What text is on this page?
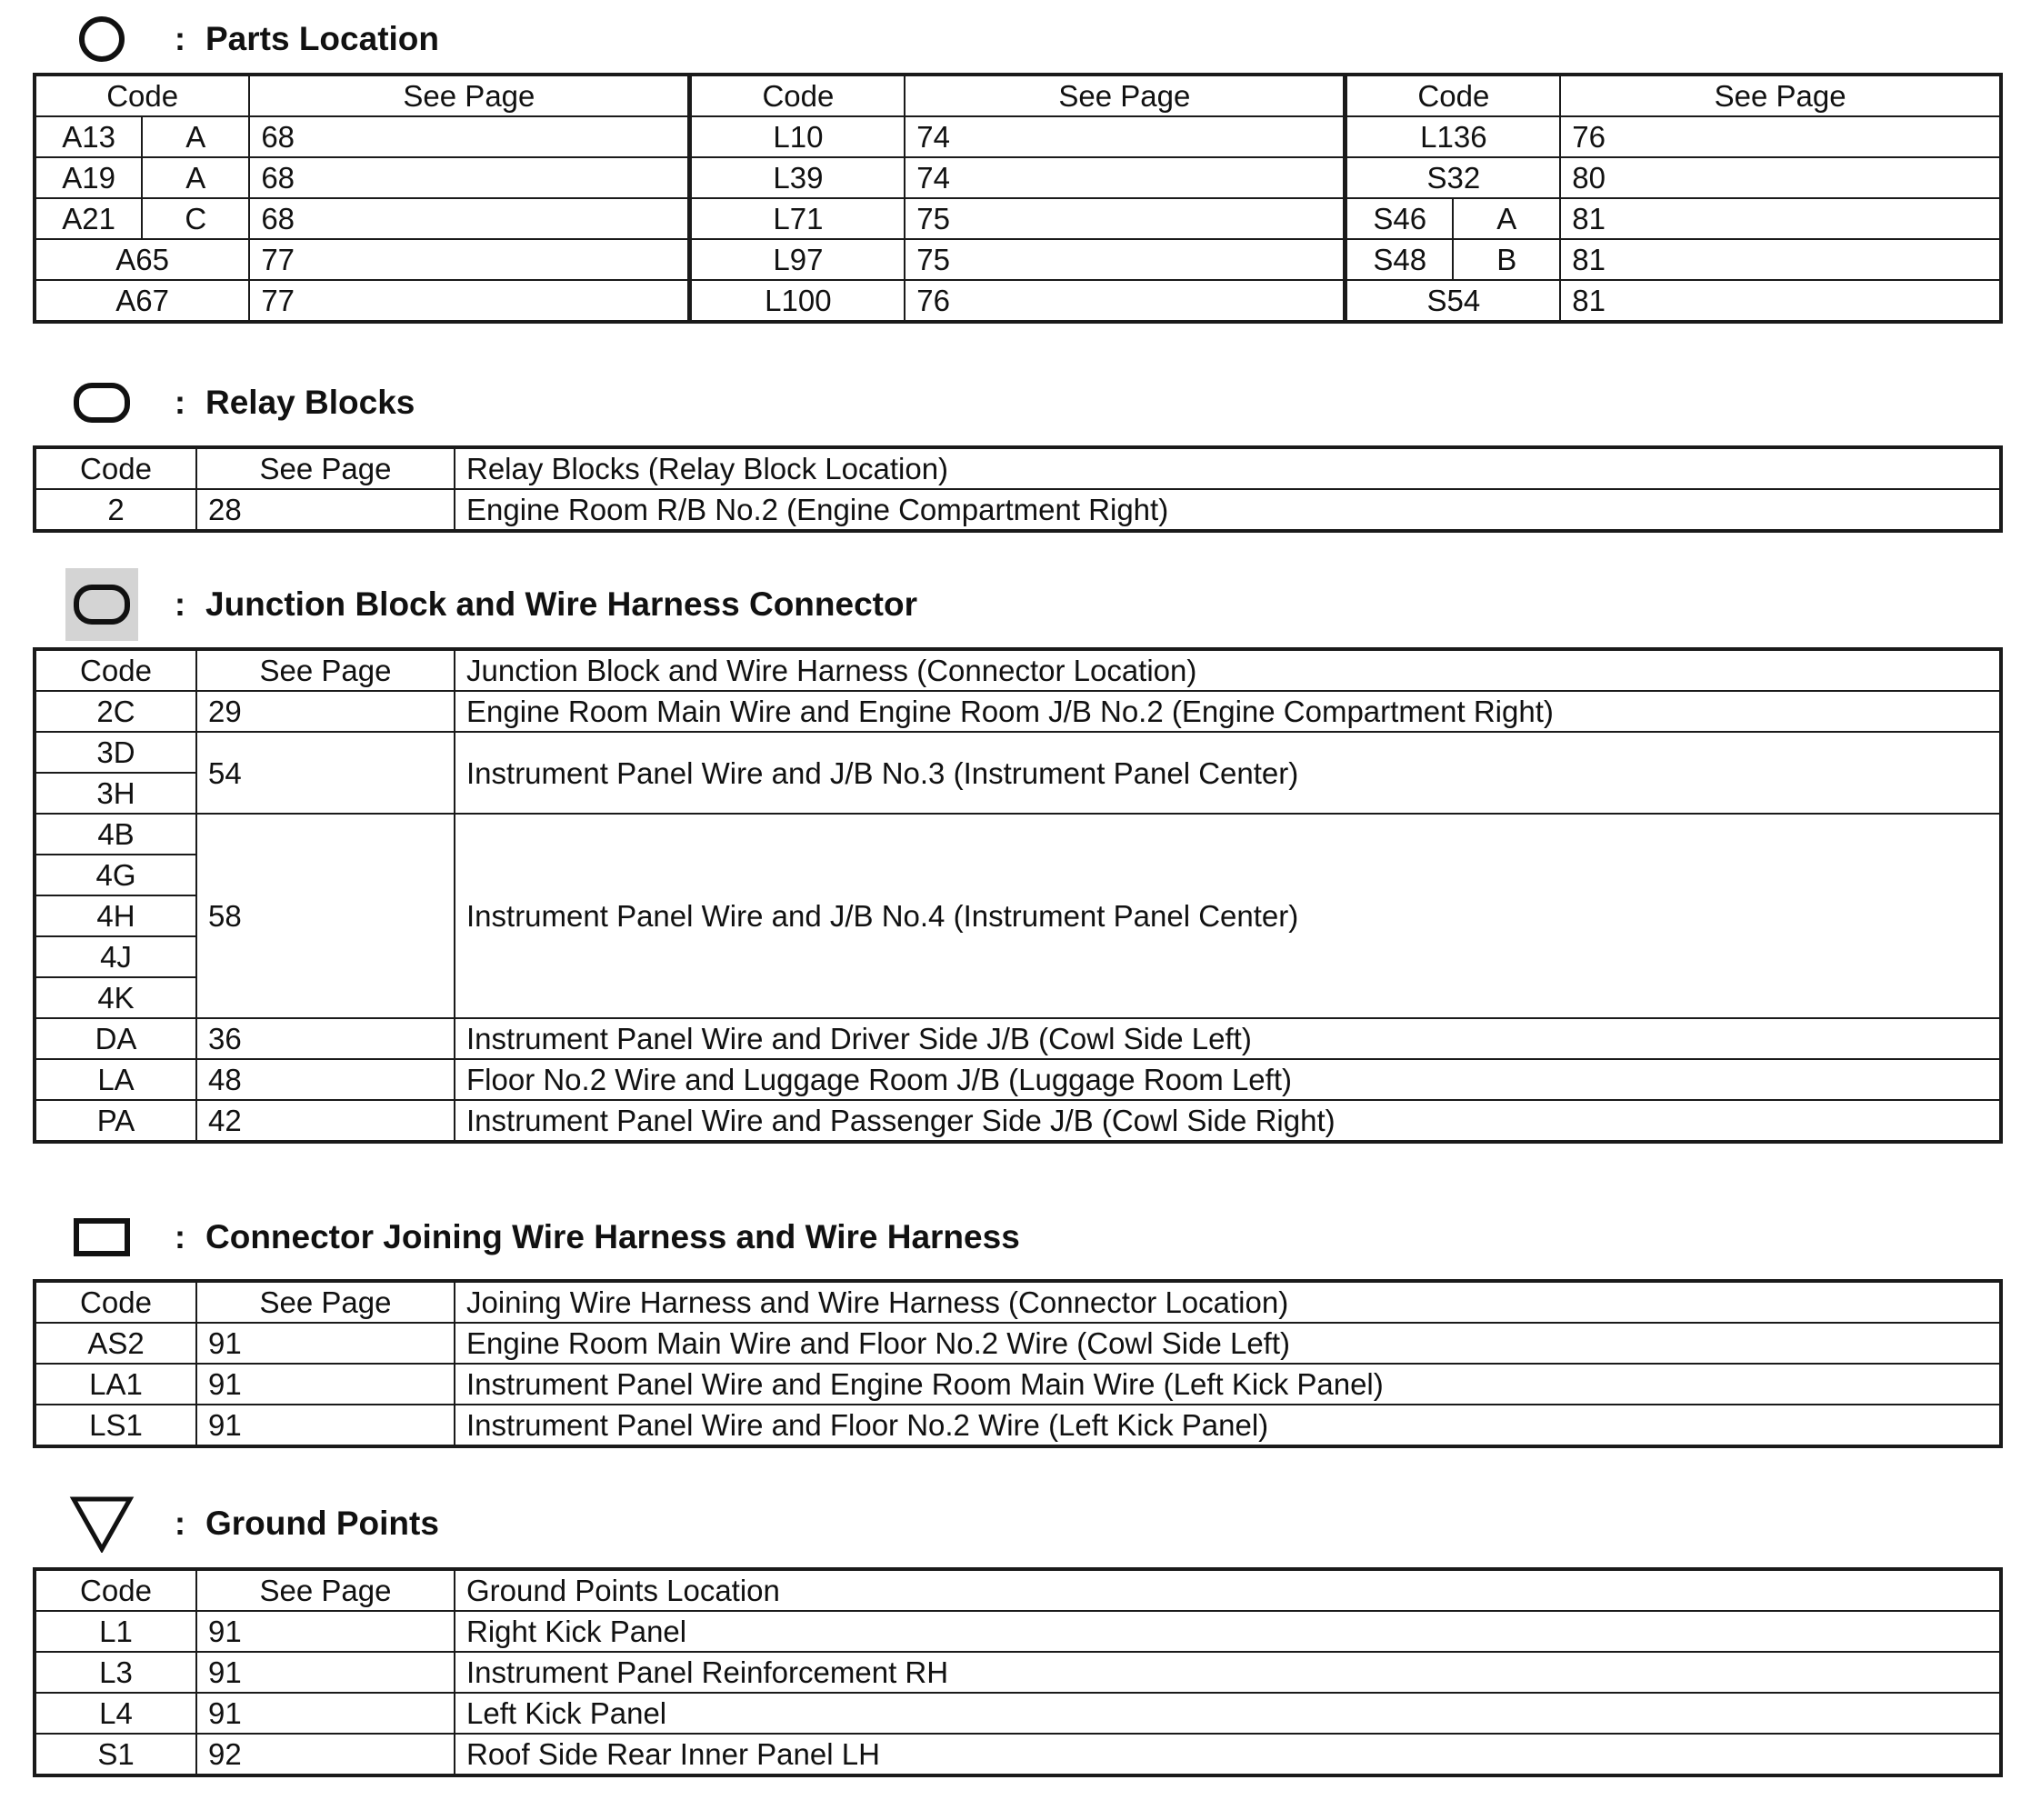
: Parts Location
Code		See Page	Code	See Page	Code		See Page
A13	A	68	L10	74	L136		76
A19	A	68	L39	74	S32		80
A21	C	68	L71	75	S46	A	81
A65		77	L97	75	S48	B	81
A67		77	L100	76	S54		81
: Relay Blocks
Code	See Page	Relay Blocks (Relay Block Location)
2	28	Engine Room R/B No.2 (Engine Compartment Right)
: Junction Block and Wire Harness Connector
Code	See Page	Junction Block and Wire Harness (Connector Location)
2C	29	Engine Room Main Wire and Engine Room J/B No.2 (Engine Compartment Right)
3D	54	Instrument Panel Wire and J/B No.3 (Instrument Panel Center)
3H		
4B	58	Instrument Panel Wire and J/B No.4 (Instrument Panel Center)
4G		
4H		
4J		
4K		
DA	36	Instrument Panel Wire and Driver Side J/B (Cowl Side Left)
LA	48	Floor No.2 Wire and Luggage Room J/B (Luggage Room Left)
PA	42	Instrument Panel Wire and Passenger Side J/B (Cowl Side Right)
: Connector Joining Wire Harness and Wire Harness
Code	See Page	Joining Wire Harness and Wire Harness (Connector Location)
AS2	91	Engine Room Main Wire and Floor No.2 Wire (Cowl Side Left)
LA1	91	Instrument Panel Wire and Engine Room Main Wire (Left Kick Panel)
LS1	91	Instrument Panel Wire and Floor No.2 Wire (Left Kick Panel)
: Ground Points
Code	See Page	Ground Points Location
L1	91	Right Kick Panel
L3	91	Instrument Panel Reinforcement RH
L4	91	Left Kick Panel
S1	92	Roof Side Rear Inner Panel LH
